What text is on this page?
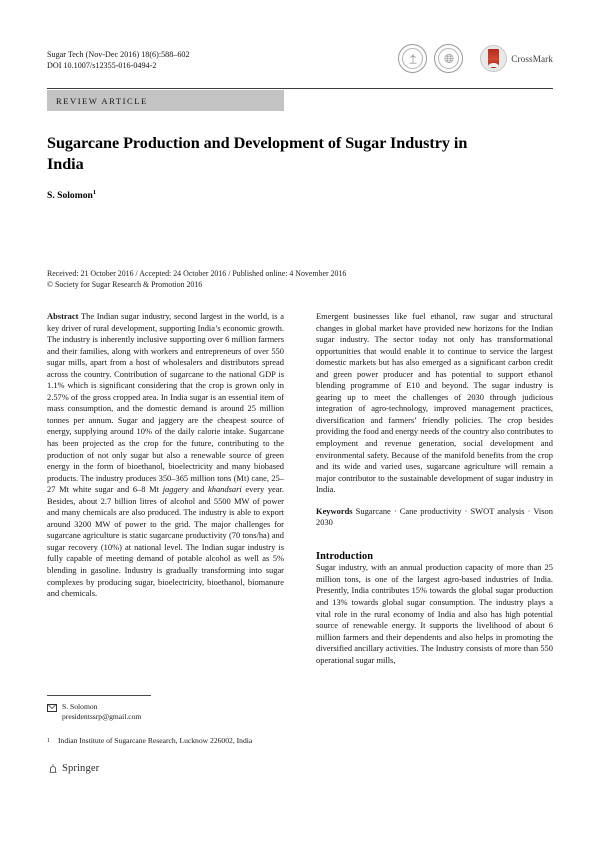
Sugar Tech (Nov-Dec 2016) 18(6):588–602
DOI 10.1007/s12355-016-0494-2
CrossMark
REVIEW ARTICLE
Sugarcane Production and Development of Sugar Industry in India
S. Solomon$^1$
Received: 21 October 2016 / Accepted: 24 October 2016 / Published online: 4 November 2016
© Society for Sugar Research & Promotion 2016

Abstract The Indian sugar industry, second largest in the world, is a key driver of rural development, supporting India’s economic growth. The industry is inherently inclusive supporting over 6 million farmers and their families, along with workers and entrepreneurs of over 550 sugar mills, apart from a host of wholesalers and distributors spread across the country. Contribution of sugarcane to the national GDP is 1.1% which is significant considering that the crop is grown only in 2.57% of the gross cropped area. In India sugar is an essential item of mass consumption, and the domestic demand is around 25 million tonnes per annum. Sugar and jaggery are the cheapest source of energy, supplying around 10% of the daily calorie intake. Sugarcane has been projected as the crop for the future, contributing to the production of not only sugar but also a renewable source of green energy in the form of bioethanol, bioelectricity and many biobased products. The industry produces 350–365 million tons (Mt) cane, 25–27 Mt white sugar and 6–8 Mt jaggery and khandsari every year. Besides, about 2.7 billion litres of alcohol and 5500 MW of power and many chemicals are also produced. The industry is able to export around 3200 MW of power to the grid. The major challenges for sugarcane agriculture is static sugarcane productivity (70 tons/ha) and sugar recovery (10%) at national level. The Indian sugar industry is fully capable of meeting demand of potable alcohol as well as 5% blending in gasoline. Industry is gradually transforming into sugar complexes by producing sugar, bioelectricity, bioethanol, biomanure and chemicals.

Emergent businesses like fuel ethanol, raw sugar and structural changes in global market have provided new horizons for the Indian sugar industry. The sector today not only has transformational opportunities that would enable it to continue to service the largest domestic markets but has also emerged as a significant carbon credit and green power producer and has potential to support ethanol blending programme of E10 and beyond. The sugar industry is gearing up to meet the challenges of 2030 through judicious integration of agro-technology, improved management practices, diversification and farmers’ friendly policies. The crop besides providing the food and energy needs of the country also contributes to employment and revenue generation, social development and environmental safety. Because of the manifold benefits from the crop and its wide and varied uses, sugarcane agriculture will remain a major contributor to the sustainable development of sugar industry in India.

Keywords Sugarcane · Cane productivity · SWOT analysis · Vison 2030

Introduction

Sugar industry, with an annual production capacity of more than 25 million tons, is one of the largest agro-based industries of India. Presently, India contributes 15% towards the global sugar production and 13% towards global sugar consumption. The industry plays a vital role in the rural economy of India and also has high potential source of renewable energy. It supports the livelihood of about 6 million farmers and their dependents and also helps in promoting the diversified ancillary activities. The Industry consists of more than 550 operational sugar mills,

S. Solomon
presidentssrp@gmail.com
1 Indian Institute of Sugarcane Research, Lucknow 226002, India
Springer
